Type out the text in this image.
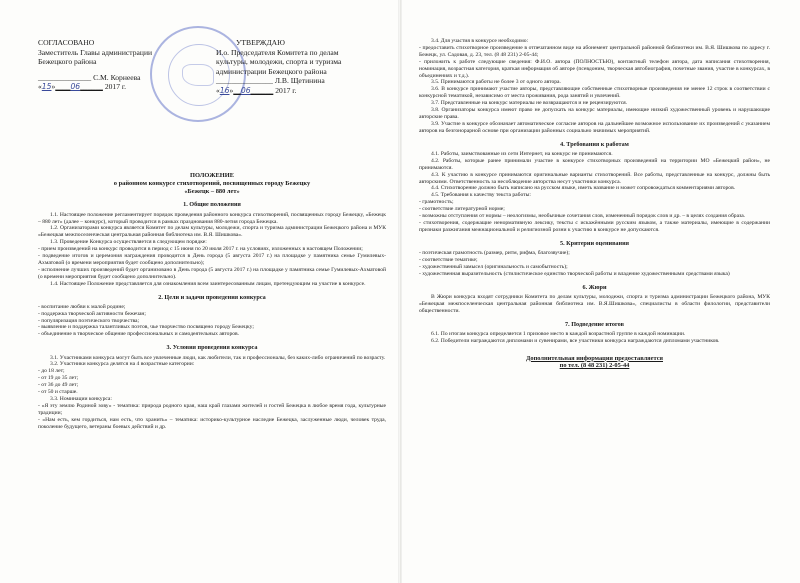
СОГЛАСОВАНО
Заместитель Главы администрации
Бежецкого района
______________ С.М. Корнеева
«15»____06______ 2017 г.
УТВЕРЖДАЮ
И.о. Председателя Комитета по делам
культуры, молодежи, спорта и туризма
администрации Бежецкого района
_______________ Л.В. Щетинина
«16»__06______ 2017 г.

ПОЛОЖЕНИЕ

о районном конкурсе стихотворений, посвященных городу Бежецку

«Бежецк – 880 лет»

1. Общие положения

1.1. Настоящее положение регламентирует порядок проведения районного конкурса стихотворений, посвященных городу Бежецку, «Бежецк – 880 лет» (далее – конкурс), который проводится в рамках празднования 880-летия города Бежецка.

1.2. Организаторами конкурса является Комитет по делам культуры, молодежи, спорта и туризма администрации Бежецкого района и МУК «Бежецкая межпоселенческая центральная районная библиотека им. В.Я. Шишкова».

1.3. Проведение Конкурса осуществляется в следующем порядке:

- прием произведений на конкурс проводится в период с 15 июня по 20 июля 2017 г. на условиях, изложенных в настоящем Положении;

- подведение итогов и церемония награждения проводится в День города (5 августа 2017 г.) на площадке у памятника семье Гумилевых-Ахматовой (о времени мероприятия будет сообщено дополнительно);

- исполнение лучших произведений будет организовано в День города (5 августа 2017 г.) на площадке у памятника семье Гумилевых-Ахматовой (о времени мероприятия будет сообщено дополнительно).

1.4. Настоящее Положение представляется для ознакомления всем заинтересованным лицам, претендующим на участие в конкурсе.

2. Цели и задачи проведения конкурса

- воспитание любви к малой родине;

- поддержка творческой активности бежечан;

- популяризация поэтического творчества;

- выявление и поддержка талантливых поэтов, чье творчество посвящено городу Бежецку;

- объединение в творческое общение профессиональных и самодеятельных авторов.

3. Условия проведения конкурса

3.1. Участниками конкурса могут быть все увлеченные люди, как любители, так и профессионалы, без каких-либо ограничений по возрасту.

3.2. Участники конкурса делятся на 4 возрастные категории:

- до 18 лет;

- от 19 до 35 лет;

- от 36 до 49 лет;

- от 50 и старше.

3.3. Номинации конкурса:

- «Я эту землю Родиной зову» - тематика: природа родного края, наш край глазами жителей и гостей Бежецка в любое время года, культурные традиции;

- «Нам есть, кем гордиться, нам есть, что хранить» – тематика: историко-культурное наследие Бежецка, заслуженные люди, человек труда, поколение будущего, ветераны боевых действий и др.

3.4. Для участия в конкурсе необходимо:

- предоставить стихотворное произведение в отпечатанном виде на абонемент центральной районной библиотеки им. В.Я. Шишкова по адресу г. Бежецк, ул. Садовая, д. 23, тел. (8 48 231) 2-05-44;

- приложить к работе следующие сведения: Ф.И.О. автора (ПОЛНОСТЬЮ), контактный телефон автора, дата написания стихотворения, номинация, возрастная категория, краткая информация об авторе (псевдоним, творческая автобиография, почетные звания, участие в конкурсах, в объединениях и т.д.).

3.5. Принимаются работы не более 3 от одного автора.

3.6. В конкурсе принимают участие авторы, представляющие собственные стихотворные произведения не менее 12 строк в соответствии с конкурсной тематикой, независимо от места проживания, рода занятий и увлечений.

3.7. Представленные на конкурс материалы не возвращаются и не рецензируются.

3.8. Организаторы конкурса имеют право не допускать на конкурс материалы, имеющие низкий художественный уровень и нарушающие авторские права.

3.9. Участие в конкурсе обозначает автоматическое согласие авторов на дальнейшее возможное использование их произведений с указанием авторов на безгонорарной основе при организации районных социально значимых мероприятий.

4. Требования к работам

4.1. Работы, заимствованные из сети Интернет, на конкурс не принимаются.

4.2. Работы, которые ранее принимали участие в конкурсе стихотворных произведений на территории МО «Бежецкий район», не принимаются.

4.3. К участию в конкурсе принимаются оригинальные варианты стихотворений. Все работы, представленные на конкурс, должны быть авторскими. Ответственность за несоблюдение авторства несут участники конкурса.

4.4. Стихотворение должно быть написано на русском языке, иметь название и может сопровождаться комментариями авторов.

4.5. Требования к качеству текста работы:

- грамотность;

- соответствие литературной норме;

- возможны отступления от нормы – неологизмы, необычные сочетания слов, измененный порядок слов и др. – в целях создания образа.

- стихотворения, содержащие ненормативную лексику, тексты с искажёнными русским языком, а также материалы, имеющие в содержании признаки разжигания межнациональной и религиозной розни к участию в конкурсе не допускаются.

5. Критерии оценивания

- поэтическая грамотность (размер, ритм, рифма, благозвучие);

- соответствие тематике;

- художественный замысел (оригинальность и самобытность);

- художественная выразительность (стилистическое единство творческой работы и владение художественными средствами языка)

6. Жюри

В Жюри конкурса входят сотрудники Комитета по делам культуры, молодежи, спорта и туризма администрации Бежецкого района, МУК «Бежецкая межпоселенческая центральная районная библиотека им. В.Я.Шишкова», специалисты в области филологии, представители общественности.

7. Подведение итогов

6.1. По итогам конкурса определяется 1 призовое место в каждой возрастной группе в каждой номинации.

6.2. Победители награждаются дипломами и сувенирами, все участники конкурса награждаются дипломами участников.

Дополнительная информация предоставляется

по тел. (8 48 231) 2-05-44
